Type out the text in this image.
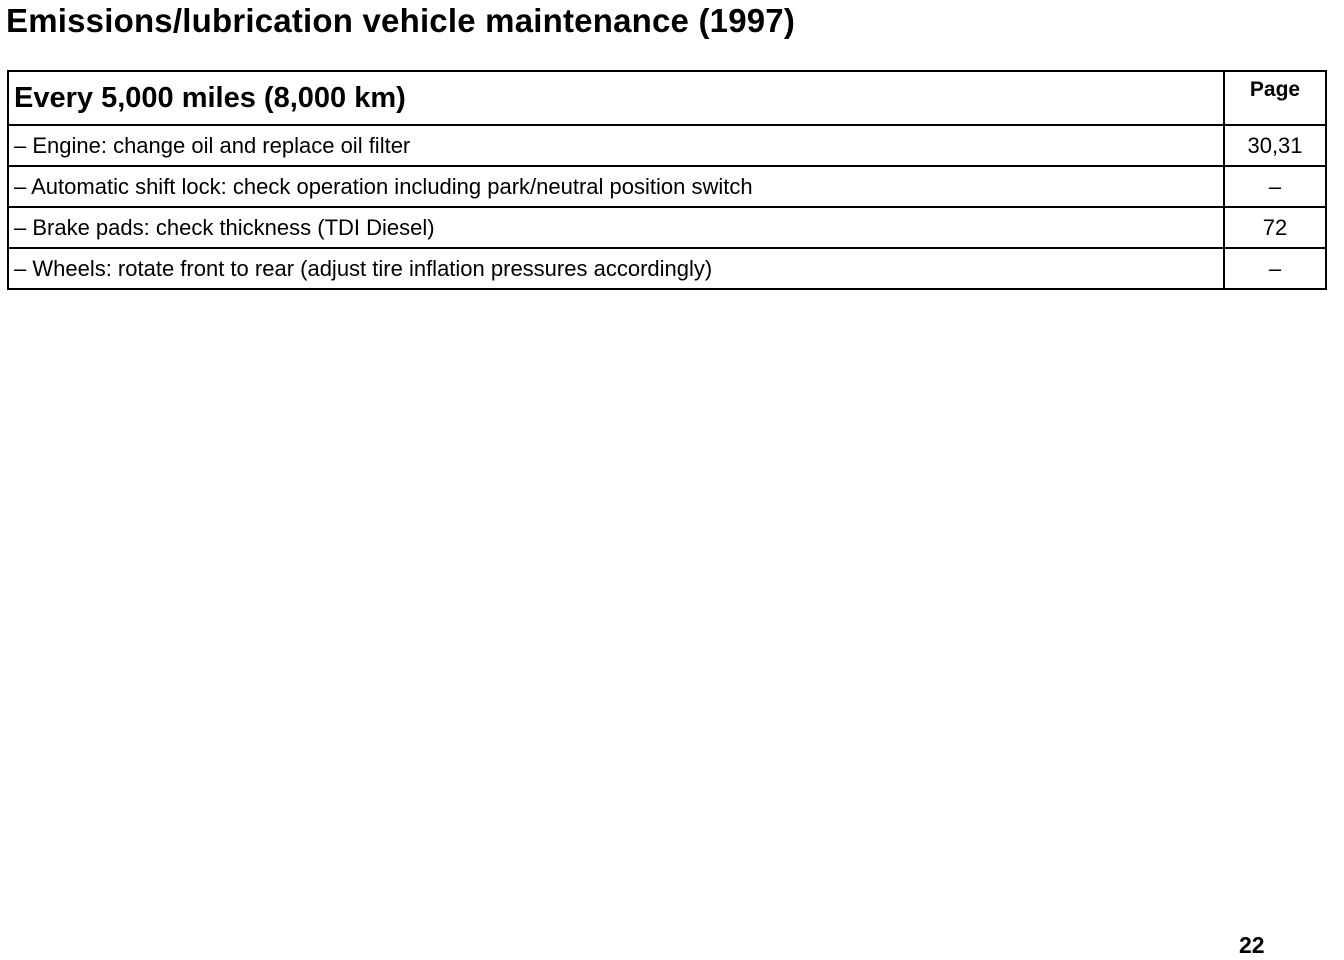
Emissions/lubrication vehicle maintenance (1997)
Every 5,000 miles (8,000 km)	Page
– Engine: change oil and replace oil filter	30,31
– Automatic shift lock: check operation including park/neutral position switch	–
– Brake pads: check thickness (TDI Diesel)	72
– Wheels: rotate front to rear (adjust tire inflation pressures accordingly)	–

22
